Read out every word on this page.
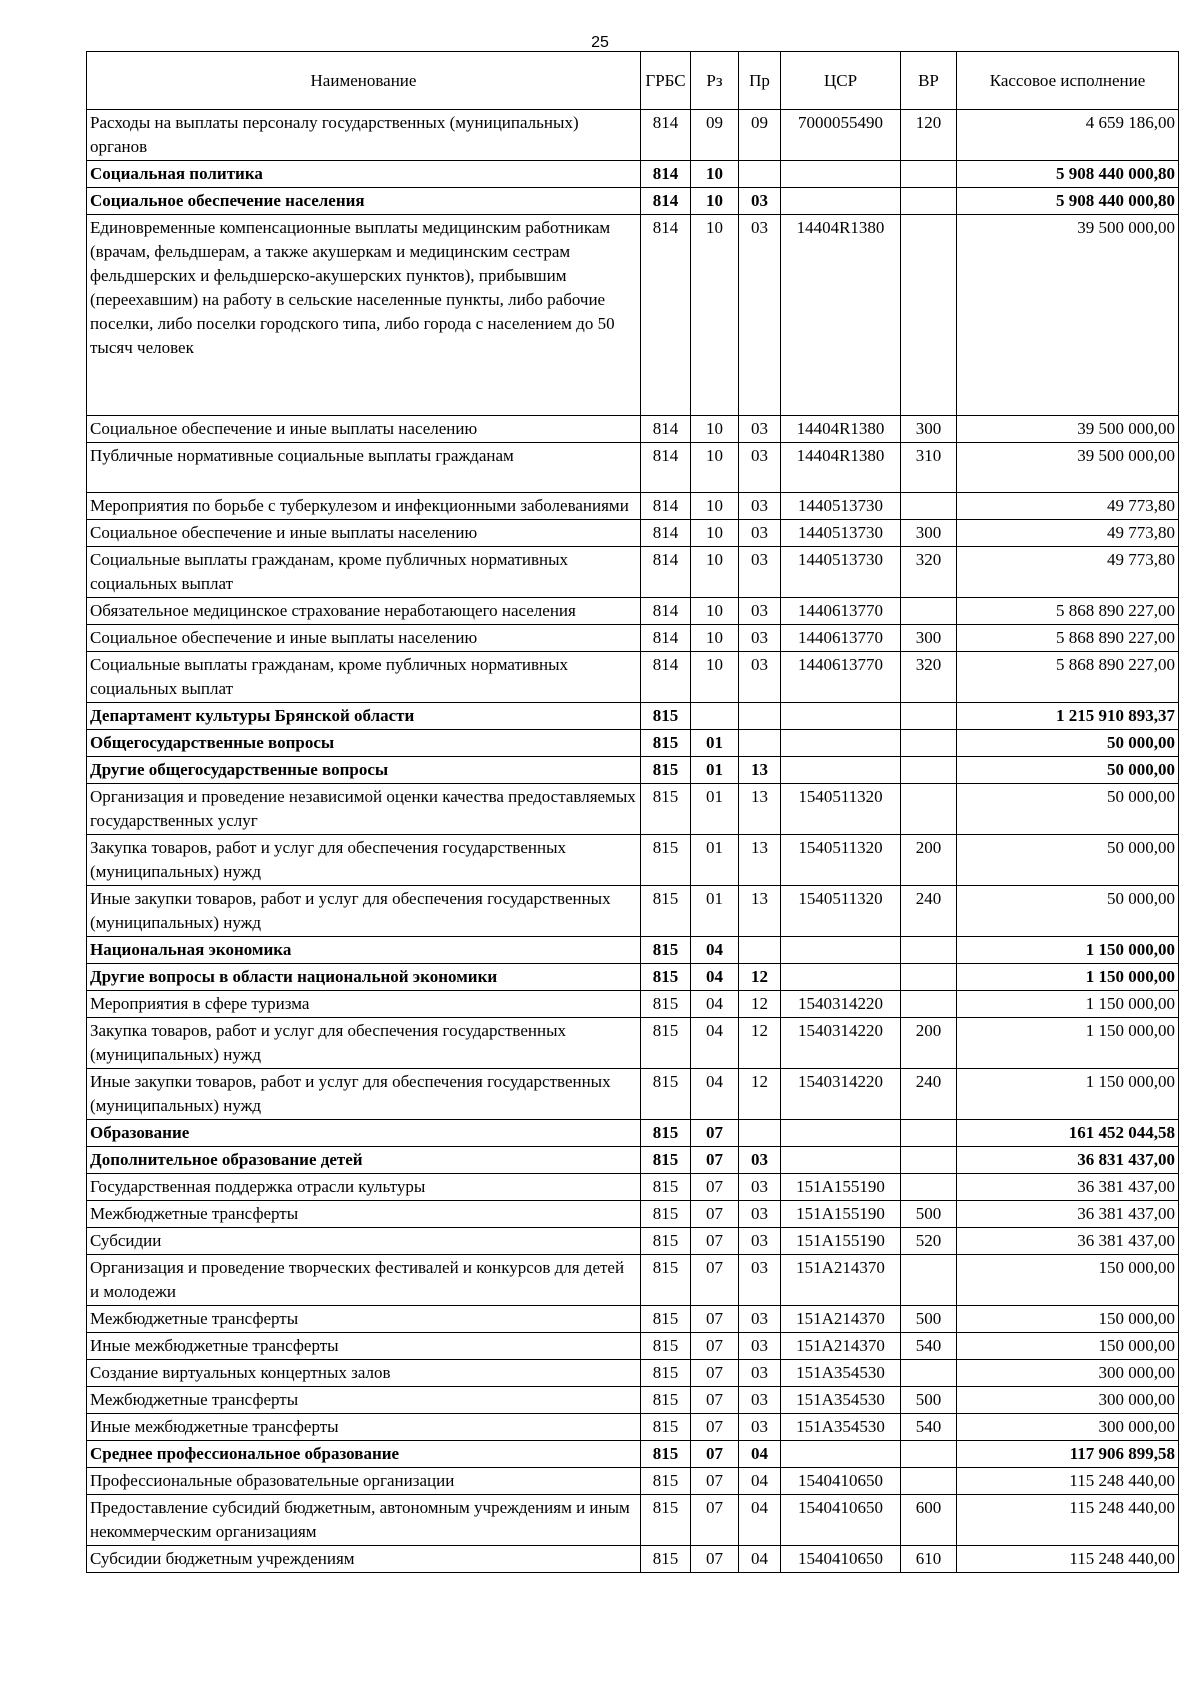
25
Наименование	ГРБС	Рз	Пр	ЦСР	ВР	Кассовое исполнение
Расходы на выплаты персоналу государственных (муниципальных) органов	814	09	09	7000055490	120	4 659 186,00
Социальная политика	814	10				5 908 440 000,80
Социальное обеспечение населения	814	10	03			5 908 440 000,80
Единовременные компенсационные выплаты медицинским работникам (врачам, фельдшерам, а также акушеркам и медицинским сестрам фельдшерских и фельдшерско-акушерских пунктов), прибывшим (переехавшим) на работу в сельские населенные пункты, либо рабочие поселки, либо поселки городского типа, либо города с населением до 50 тысяч человек	814	10	03	14404R1380		39 500 000,00
Социальное обеспечение и иные выплаты населению	814	10	03	14404R1380	300	39 500 000,00
Публичные нормативные социальные выплаты гражданам	814	10	03	14404R1380	310	39 500 000,00
Мероприятия по борьбе с туберкулезом и инфекционными заболеваниями	814	10	03	1440513730		49 773,80
Социальное обеспечение и иные выплаты населению	814	10	03	1440513730	300	49 773,80
Социальные выплаты гражданам, кроме публичных нормативных социальных выплат	814	10	03	1440513730	320	49 773,80
Обязательное медицинское страхование неработающего населения	814	10	03	1440613770		5 868 890 227,00
Социальное обеспечение и иные выплаты населению	814	10	03	1440613770	300	5 868 890 227,00
Социальные выплаты гражданам, кроме публичных нормативных социальных выплат	814	10	03	1440613770	320	5 868 890 227,00
Департамент культуры Брянской области	815					1 215 910 893,37
Общегосударственные вопросы	815	01				50 000,00
Другие общегосударственные вопросы	815	01	13			50 000,00
Организация и проведение независимой оценки качества предоставляемых государственных услуг	815	01	13	1540511320		50 000,00
Закупка товаров, работ и услуг для обеспечения государственных (муниципальных) нужд	815	01	13	1540511320	200	50 000,00
Иные закупки товаров, работ и услуг для обеспечения государственных (муниципальных) нужд	815	01	13	1540511320	240	50 000,00
Национальная экономика	815	04				1 150 000,00
Другие вопросы в области национальной экономики	815	04	12			1 150 000,00
Мероприятия в сфере туризма	815	04	12	1540314220		1 150 000,00
Закупка товаров, работ и услуг для обеспечения государственных (муниципальных) нужд	815	04	12	1540314220	200	1 150 000,00
Иные закупки товаров, работ и услуг для обеспечения государственных (муниципальных) нужд	815	04	12	1540314220	240	1 150 000,00
Образование	815	07				161 452 044,58
Дополнительное образование детей	815	07	03			36 831 437,00
Государственная поддержка отрасли культуры	815	07	03	151A155190		36 381 437,00
Межбюджетные трансферты	815	07	03	151A155190	500	36 381 437,00
Субсидии	815	07	03	151A155190	520	36 381 437,00
Организация и проведение творческих фестивалей и конкурсов для детей и молодежи	815	07	03	151A214370		150 000,00
Межбюджетные трансферты	815	07	03	151A214370	500	150 000,00
Иные межбюджетные трансферты	815	07	03	151A214370	540	150 000,00
Создание виртуальных концертных залов	815	07	03	151A354530		300 000,00
Межбюджетные трансферты	815	07	03	151A354530	500	300 000,00
Иные межбюджетные трансферты	815	07	03	151A354530	540	300 000,00
Среднее профессиональное образование	815	07	04			117 906 899,58
Профессиональные образовательные организации	815	07	04	1540410650		115 248 440,00
Предоставление субсидий бюджетным, автономным учреждениям и иным некоммерческим организациям	815	07	04	1540410650	600	115 248 440,00
Субсидии бюджетным учреждениям	815	07	04	1540410650	610	115 248 440,00
